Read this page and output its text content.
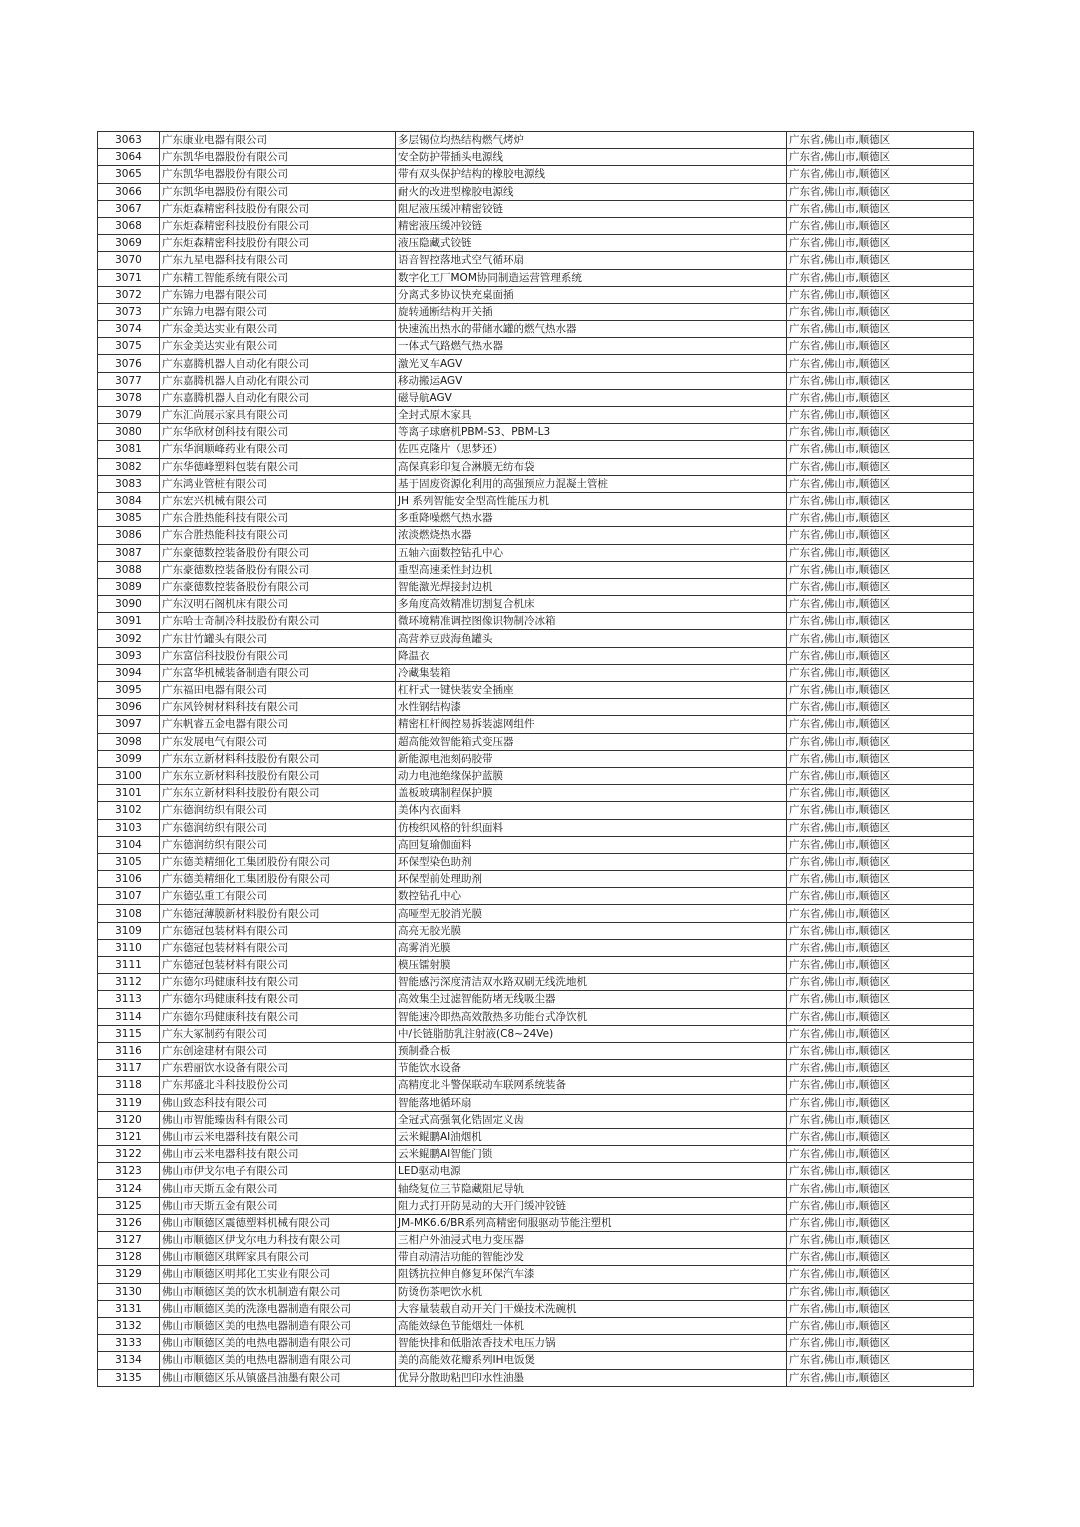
3063	广东康业电器有限公司	多层锡位均热结构燃气烤炉	广东省,佛山市,顺德区
3064	广东凯华电器股份有限公司	安全防护带插头电源线	广东省,佛山市,顺德区
3065	广东凯华电器股份有限公司	带有双头保护结构的橡胶电源线	广东省,佛山市,顺德区
3066	广东凯华电器股份有限公司	耐火的改进型橡胶电源线	广东省,佛山市,顺德区
3067	广东炬森精密科技股份有限公司	阻尼液压缓冲精密铰链	广东省,佛山市,顺德区
3068	广东炬森精密科技股份有限公司	精密液压缓冲铰链	广东省,佛山市,顺德区
3069	广东炬森精密科技股份有限公司	液压隐藏式铰链	广东省,佛山市,顺德区
3070	广东九星电器科技有限公司	语音智控落地式空气循环扇	广东省,佛山市,顺德区
3071	广东精工智能系统有限公司	数字化工厂MOM协同制造运营管理系统	广东省,佛山市,顺德区
3072	广东锦力电器有限公司	分离式多协议快充桌面插	广东省,佛山市,顺德区
3073	广东锦力电器有限公司	旋转通断结构开关插	广东省,佛山市,顺德区
3074	广东金美达实业有限公司	快速流出热水的带储水罐的燃气热水器	广东省,佛山市,顺德区
3075	广东金美达实业有限公司	一体式气路燃气热水器	广东省,佛山市,顺德区
3076	广东嘉腾机器人自动化有限公司	激光叉车AGV	广东省,佛山市,顺德区
3077	广东嘉腾机器人自动化有限公司	移动搬运AGV	广东省,佛山市,顺德区
3078	广东嘉腾机器人自动化有限公司	磁导航AGV	广东省,佛山市,顺德区
3079	广东汇尚展示家具有限公司	全封式原木家具	广东省,佛山市,顺德区
3080	广东华欣材创科技有限公司	等离子球磨机PBM-S3、PBM-L3	广东省,佛山市,顺德区
3081	广东华润顺峰药业有限公司	佐匹克隆片（思梦还）	广东省,佛山市,顺德区
3082	广东华德峰塑料包装有限公司	高保真彩印复合淋膜无纺布袋	广东省,佛山市,顺德区
3083	广东鸿业管桩有限公司	基于固废资源化利用的高强预应力混凝土管桩	广东省,佛山市,顺德区
3084	广东宏兴机械有限公司	JH 系列智能安全型高性能压力机	广东省,佛山市,顺德区
3085	广东合胜热能科技有限公司	多重降噪燃气热水器	广东省,佛山市,顺德区
3086	广东合胜热能科技有限公司	浓淡燃烧热水器	广东省,佛山市,顺德区
3087	广东豪德数控装备股份有限公司	五轴六面数控钻孔中心	广东省,佛山市,顺德区
3088	广东豪德数控装备股份有限公司	重型高速柔性封边机	广东省,佛山市,顺德区
3089	广东豪德数控装备股份有限公司	智能激光焊接封边机	广东省,佛山市,顺德区
3090	广东汉明石阁机床有限公司	多角度高效精准切割复合机床	广东省,佛山市,顺德区
3091	广东哈士奇制冷科技股份有限公司	微环境精准调控图像识物制冷冰箱	广东省,佛山市,顺德区
3092	广东甘竹罐头有限公司	高营养豆豉海鱼罐头	广东省,佛山市,顺德区
3093	广东富信科技股份有限公司	降温衣	广东省,佛山市,顺德区
3094	广东富华机械装备制造有限公司	冷藏集装箱	广东省,佛山市,顺德区
3095	广东福田电器有限公司	杠杆式一键快装安全插座	广东省,佛山市,顺德区
3096	广东风铃树材料科技有限公司	水性钢结构漆	广东省,佛山市,顺德区
3097	广东帆睿五金电器有限公司	精密杠杆阀控易拆装滤网组件	广东省,佛山市,顺德区
3098	广东发展电气有限公司	超高能效智能箱式变压器	广东省,佛山市,顺德区
3099	广东东立新材料科技股份有限公司	新能源电池刻码胶带	广东省,佛山市,顺德区
3100	广东东立新材料科技股份有限公司	动力电池绝缘保护蓝膜	广东省,佛山市,顺德区
3101	广东东立新材料科技股份有限公司	盖板玻璃制程保护膜	广东省,佛山市,顺德区
3102	广东德润纺织有限公司	美体内衣面料	广东省,佛山市,顺德区
3103	广东德润纺织有限公司	仿梭织风格的针织面料	广东省,佛山市,顺德区
3104	广东德润纺织有限公司	高回复瑜伽面料	广东省,佛山市,顺德区
3105	广东德美精细化工集团股份有限公司	环保型染色助剂	广东省,佛山市,顺德区
3106	广东德美精细化工集团股份有限公司	环保型前处理助剂	广东省,佛山市,顺德区
3107	广东德弘重工有限公司	数控钻孔中心	广东省,佛山市,顺德区
3108	广东德冠薄膜新材料股份有限公司	高哑型无胶消光膜	广东省,佛山市,顺德区
3109	广东德冠包装材料有限公司	高亮无胶光膜	广东省,佛山市,顺德区
3110	广东德冠包装材料有限公司	高雾消光膜	广东省,佛山市,顺德区
3111	广东德冠包装材料有限公司	模压镭射膜	广东省,佛山市,顺德区
3112	广东德尔玛健康科技有限公司	智能感污深度清洁双水路双刷无线洗地机	广东省,佛山市,顺德区
3113	广东德尔玛健康科技有限公司	高效集尘过滤智能防堵无线吸尘器	广东省,佛山市,顺德区
3114	广东德尔玛健康科技有限公司	智能速冷即热高效散热多功能台式净饮机	广东省,佛山市,顺德区
3115	广东大冢制药有限公司	中/长链脂肪乳注射液(C8~24Ve)	广东省,佛山市,顺德区
3116	广东创途建材有限公司	预制叠合板	广东省,佛山市,顺德区
3117	广东碧丽饮水设备有限公司	节能饮水设备	广东省,佛山市,顺德区
3118	广东邦盛北斗科技股份公司	高精度北斗警保联动车联网系统装备	广东省,佛山市,顺德区
3119	佛山致态科技有限公司	智能落地循环扇	广东省,佛山市,顺德区
3120	佛山市智能臻齿科有限公司	全冠式高强氧化锆固定义齿	广东省,佛山市,顺德区
3121	佛山市云米电器科技有限公司	云米鲲鹏AI油烟机	广东省,佛山市,顺德区
3122	佛山市云米电器科技有限公司	云米鲲鹏AI智能门锁	广东省,佛山市,顺德区
3123	佛山市伊戈尔电子有限公司	LED驱动电源	广东省,佛山市,顺德区
3124	佛山市天斯五金有限公司	轴绕复位三节隐藏阻尼导轨	广东省,佛山市,顺德区
3125	佛山市天斯五金有限公司	阻力式打开防晃动的大开门缓冲铰链	广东省,佛山市,顺德区
3126	佛山市顺德区震德塑料机械有限公司	JM-MK6.6/BR系列高精密伺服驱动节能注塑机	广东省,佛山市,顺德区
3127	佛山市顺德区伊戈尔电力科技有限公司	三相户外油浸式电力变压器	广东省,佛山市,顺德区
3128	佛山市顺德区琪辉家具有限公司	带自动清洁功能的智能沙发	广东省,佛山市,顺德区
3129	佛山市顺德区明邦化工实业有限公司	阻锈抗拉伸自修复环保汽车漆	广东省,佛山市,顺德区
3130	佛山市顺德区美的饮水机制造有限公司	防烫伤茶吧饮水机	广东省,佛山市,顺德区
3131	佛山市顺德区美的洗涤电器制造有限公司	大容量装载自动开关门干燥技术洗碗机	广东省,佛山市,顺德区
3132	佛山市顺德区美的电热电器制造有限公司	高能效绿色节能烟灶一体机	广东省,佛山市,顺德区
3133	佛山市顺德区美的电热电器制造有限公司	智能快排和低脂浓香技术电压力锅	广东省,佛山市,顺德区
3134	佛山市顺德区美的电热电器制造有限公司	美的高能效花瓣系列IH电饭煲	广东省,佛山市,顺德区
3135	佛山市顺德区乐从镇盛昌油墨有限公司	优异分散助粘凹印水性油墨	广东省,佛山市,顺德区
